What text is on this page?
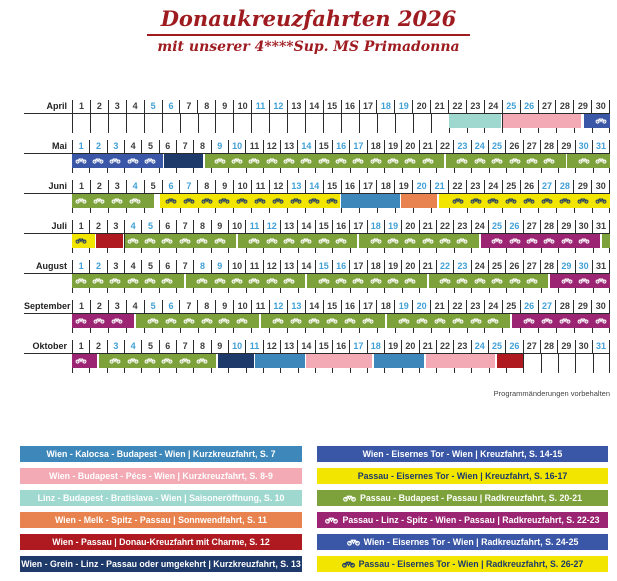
Donaukreuzfahrten 2026
mit unserer 4****Sup. MS Primadonna
April	1	2	3	4	5	6	7	8	9	10 11 12 13 14 15 16 17 18 19 20 21 22 23 24 25 26 27 28 29 30
Mai	1	2	3	4	5	6	7	8	9	10 11 12 13 14 15 16 17 18 19 20 21 22 23 24 25 26 27 28 29 30 31
Juni	1	2	3	4	5	6	7	8	9	10 11 12 13 14 15 16 17 18 19 20 21 22 23 24 25 26 27 28 29 30
Juli	1	2	3	4	5	6	7	8	9	10 11 12 13 14 15 16 17 18 19 20 21 22 23 24 25 26 27 28 29 30 31
August	1	2	3	4	5	6	7	8	9	10 11 12 13 14 15 16 17 18 19 20 21 22 23 24 25 26 27 28 29 30 31
September 1	2	3	4	5	6	7	8	9	10 11 12 13 14 15 16 17 18 19 20 21 22 23 24 25 26 27 28 29 30
Oktober	1	2	3	4	5	6	7	8	9	10 11 12 13 14 15 16 17 18 19 20 21 22 23 24 25 26 27 28 29 30 31
Programmänderungen vorbehalten
Wien - Kalocsa - Budapest - Wien | Kurzkreuzfahrt, S. 7
Wien - Budapest - Pécs - Wien | Kurzkreuzfahrt, S. 8-9
Linz - Budapest - Bratislava - Wien | Saisoneröffnung, S. 10
Wien - Melk - Spitz - Passau | Sonnwendfahrt, S. 11
Wien - Passau | Donau-Kreuzfahrt mit Charme, S. 12
Wien - Grein - Linz - Passau oder umgekehrt | Kurzkreuzfahrt, S. 13
Wien - Eisernes Tor - Wien | Kreuzfahrt, S. 14-15
Passau - Eisernes Tor - Wien | Kreuzfahrt, S. 16-17
Passau - Budapest - Passau | Radkreuzfahrt, S. 20-21
Passau - Linz - Spitz - Wien - Passau | Radkreuzfahrt, S. 22-23
Wien - Eisernes Tor - Wien | Radkreuzfahrt, S. 24-25
Passau - Eisernes Tor - Wien | Radkreuzfahrt, S. 26-27
